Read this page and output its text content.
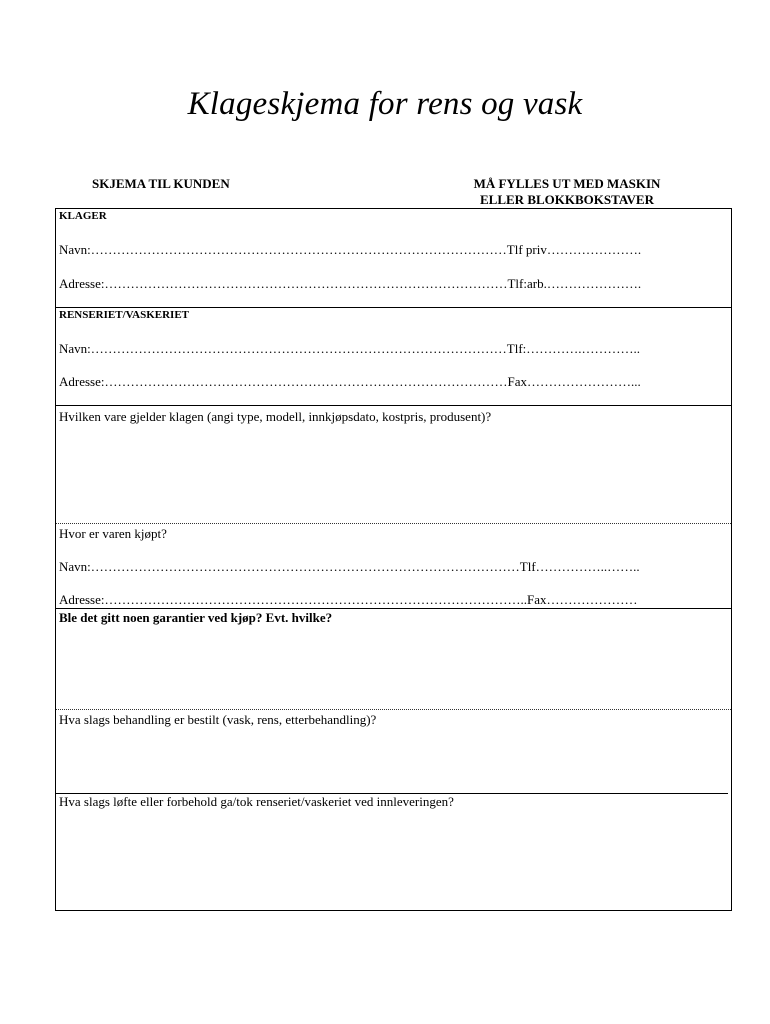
Klageskjema for rens og vask
SKJEMA TIL KUNDEN	MÅ FYLLES UT MED MASKIN
ELLER BLOKKBOKSTAVER
KLAGER
Navn:……………………………………………………………………………………Tlf priv………………….
Adresse:…………………………………………………………………………………Tlf:arb.………………….
RENSERIET/VASKERIET
Navn:……………………………………………………………………………………Tlf:………….…………..
Adresse:…………………………………………………………………………………Fax……………………...
Hvilken vare gjelder klagen (angi type, modell, innkjøpsdato, kostpris, produsent)?
Hvor er varen kjøpt?
Navn:………………………………………………………………………………………Tlf……………..……..
Adresse:……………………………………………………………………………………..Fax…………………
Ble det gitt noen garantier ved kjøp? Evt. hvilke?
Hva slags behandling er bestilt (vask, rens, etterbehandling)?
Hva slags løfte eller forbehold ga/tok renseriet/vaskeriet ved innleveringen?
